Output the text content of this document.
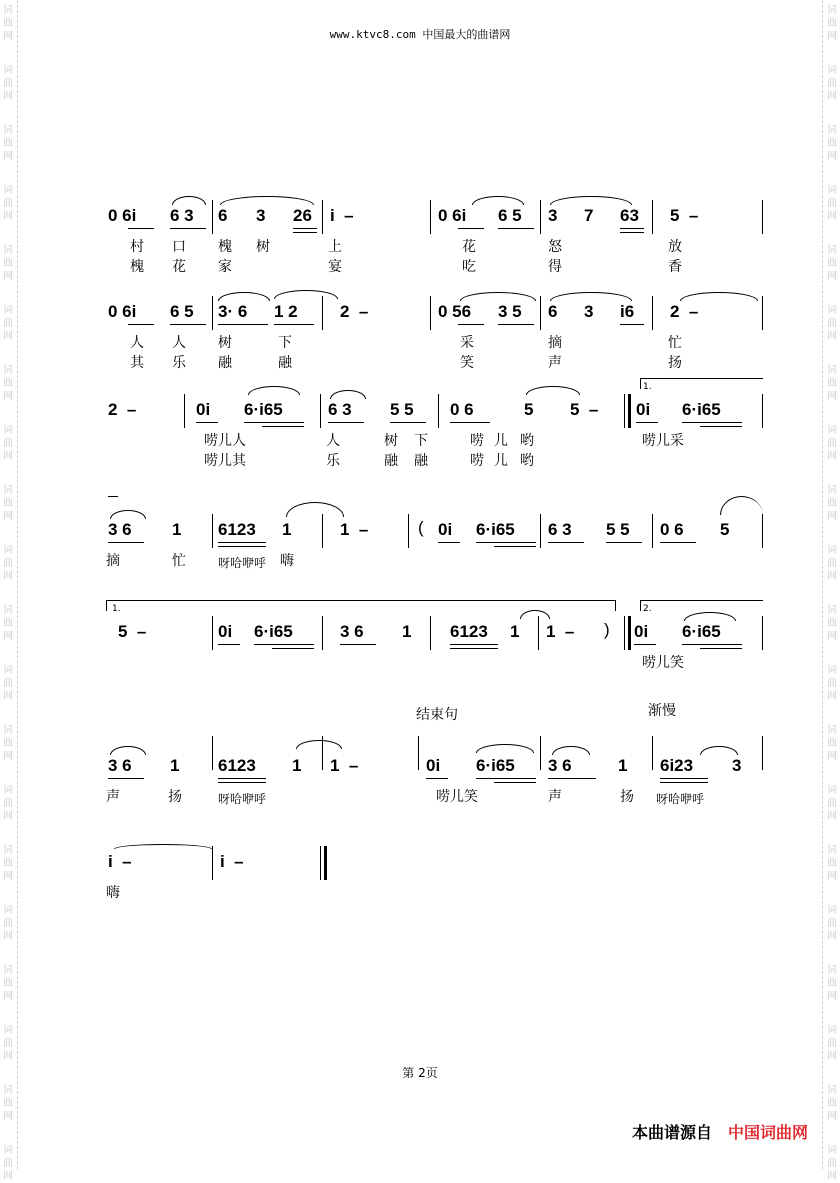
词
曲
网
词
曲
网
词
曲
网
词
曲
网
词
曲
网
词
曲
网
词
曲
网
词
曲
网
词
曲
网
词
曲
网
词
曲
网
词
曲
网
词
曲
网
词
曲
网
词
曲
网
词
曲
网
词
曲
网
词
曲
网
词
曲
网
词
曲
网
词
曲
网
词
曲
网
词
曲
网
词
曲
网
词
曲
网
词
曲
网
词
曲
网
词
曲
网
词
曲
网
词
曲
网
词
曲
网
词
曲
网
词
曲
网
词
曲
网
词
曲
网
词
曲
网
词
曲
网
词
曲
网
词
曲
网
词
曲
网
www.ktvc8.com 中国最大的曲谱网
0 6i 6 3 6 3 26 i  –	0 6i 6 5 3 7 63 5  –
村 口 槐 树	上	花	怒	放
槐 花 家	宴	吃	得	香
0 6i 6 5 3· 6 1 2 2  –	0 56 3 5 6 3 i6 2  –
人 人 树	下	采	摘	忙
其 乐 融	融	笑	声	扬
1.
2  –	0i 6·i65	6 3 5 5 0 6	5 5  – 0i 6·i65
唠儿人	人	树 下	唠 儿 哟	唠儿采
唠儿其	乐	融 融	唠 儿 哟
3 6 1 6123 1	1  –	( 0i 6·i65 6 3 5 5 0 6 5
摘	忙	呀哈咿呼 嗨
1.	2.
5  –	0i 6·i65	3 6 1 6123 1 1  – ) 0i 6·i65
唠儿笑
结束句	渐慢
3 6 1 6123 1 1  –	0i 6·i65 3 6	1 6i23 3
声	扬	呀哈咿呼	唠儿笑	声	扬 呀哈咿呼
i  –	i  –
嗨
第 2页
本曲谱源自 中国词曲网
